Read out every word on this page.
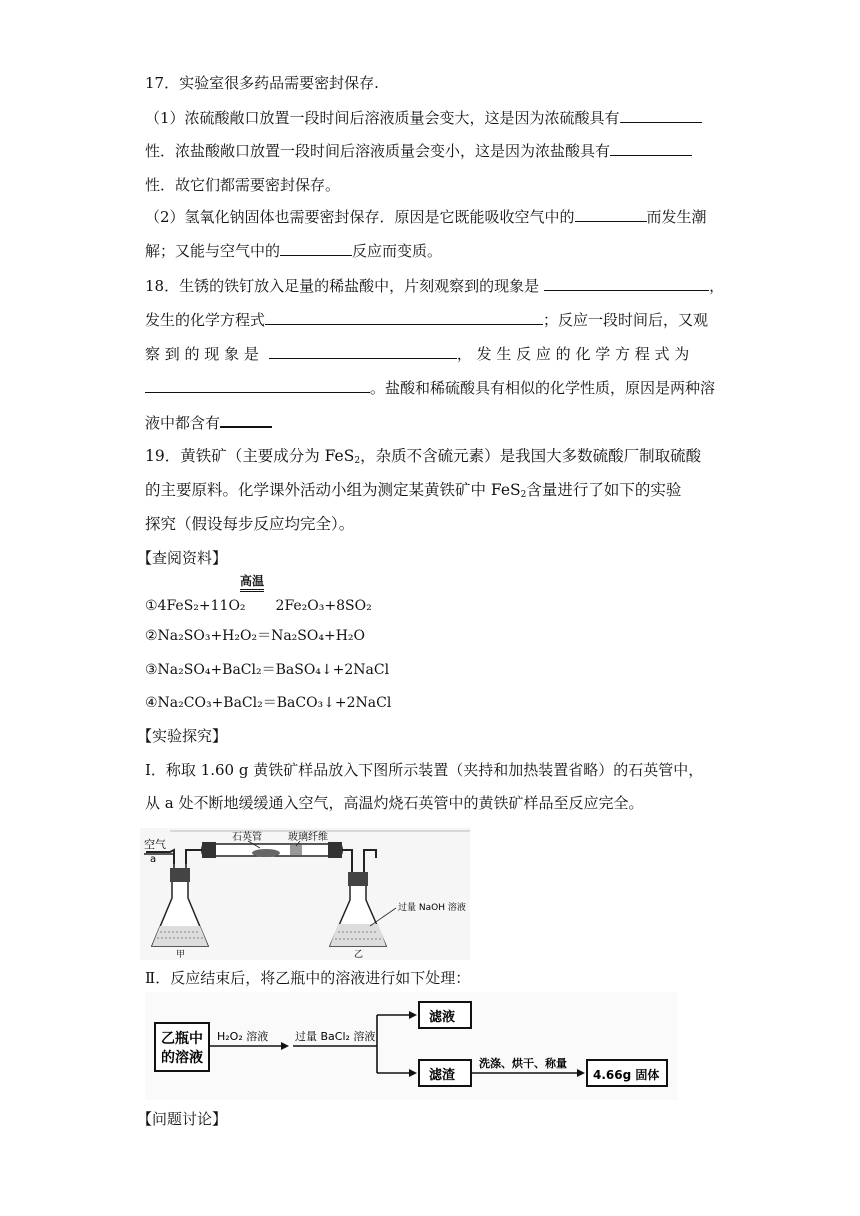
17．实验室很多药品需要密封保存.
（1）浓硫酸敞口放置一段时间后溶液质量会变大，这是因为浓硫酸具有
性．浓盐酸敞口放置一段时间后溶液质量会变小，这是因为浓盐酸具有
性．故它们都需要密封保存。
（2）氢氧化钠固体也需要密封保存．原因是它既能吸收空气中的	而发生潮
解；又能与空气中的	反应而变质。
18．生锈的铁钉放入足量的稀盐酸中，片刻观察到的现象是	，
发生的化学方程式	；反应一段时间后，又观
察 到 的 现 象 是	， 发 生 反 应 的 化 学 方 程 式 为
。盐酸和稀硫酸具有相似的化学性质，原因是两种溶
液中都含有
19．黄铁矿（主要成分为 FeS$_2$，杂质不含硫元素）是我国大多数硫酸厂制取硫酸
的主要原料。化学课外活动小组为测定某黄铁矿中 FeS$_2$含量进行了如下的实验
探究（假设每步反应均完全）。
【查阅资料】
高温
①4FeS₂+11O₂ 2Fe₂O₃+8SO₂
②Na₂SO₃+H₂O₂＝Na₂SO₄+H₂O
③Na₂SO₄+BaCl₂＝BaSO₄↓+2NaCl
④Na₂CO₃+BaCl₂＝BaCO₃↓+2NaCl
【实验探究】
Ⅰ．称取 1.60 g 黄铁矿样品放入下图所示装置（夹持和加热装置省略）的石英管中，
从 a 处不断地缓缓通入空气，高温灼烧石英管中的黄铁矿样品至反应完全。
空气
a
甲
石英管	玻璃纤维
过量 NaOH 溶液
乙
Ⅱ．反应结束后，将乙瓶中的溶液进行如下处理：
乙瓶中
的溶液
H₂O₂ 溶液 过量 BaCl₂ 溶液
滤液
滤渣
洗涤、烘干、称量
4.66g 固体
【问题讨论】
